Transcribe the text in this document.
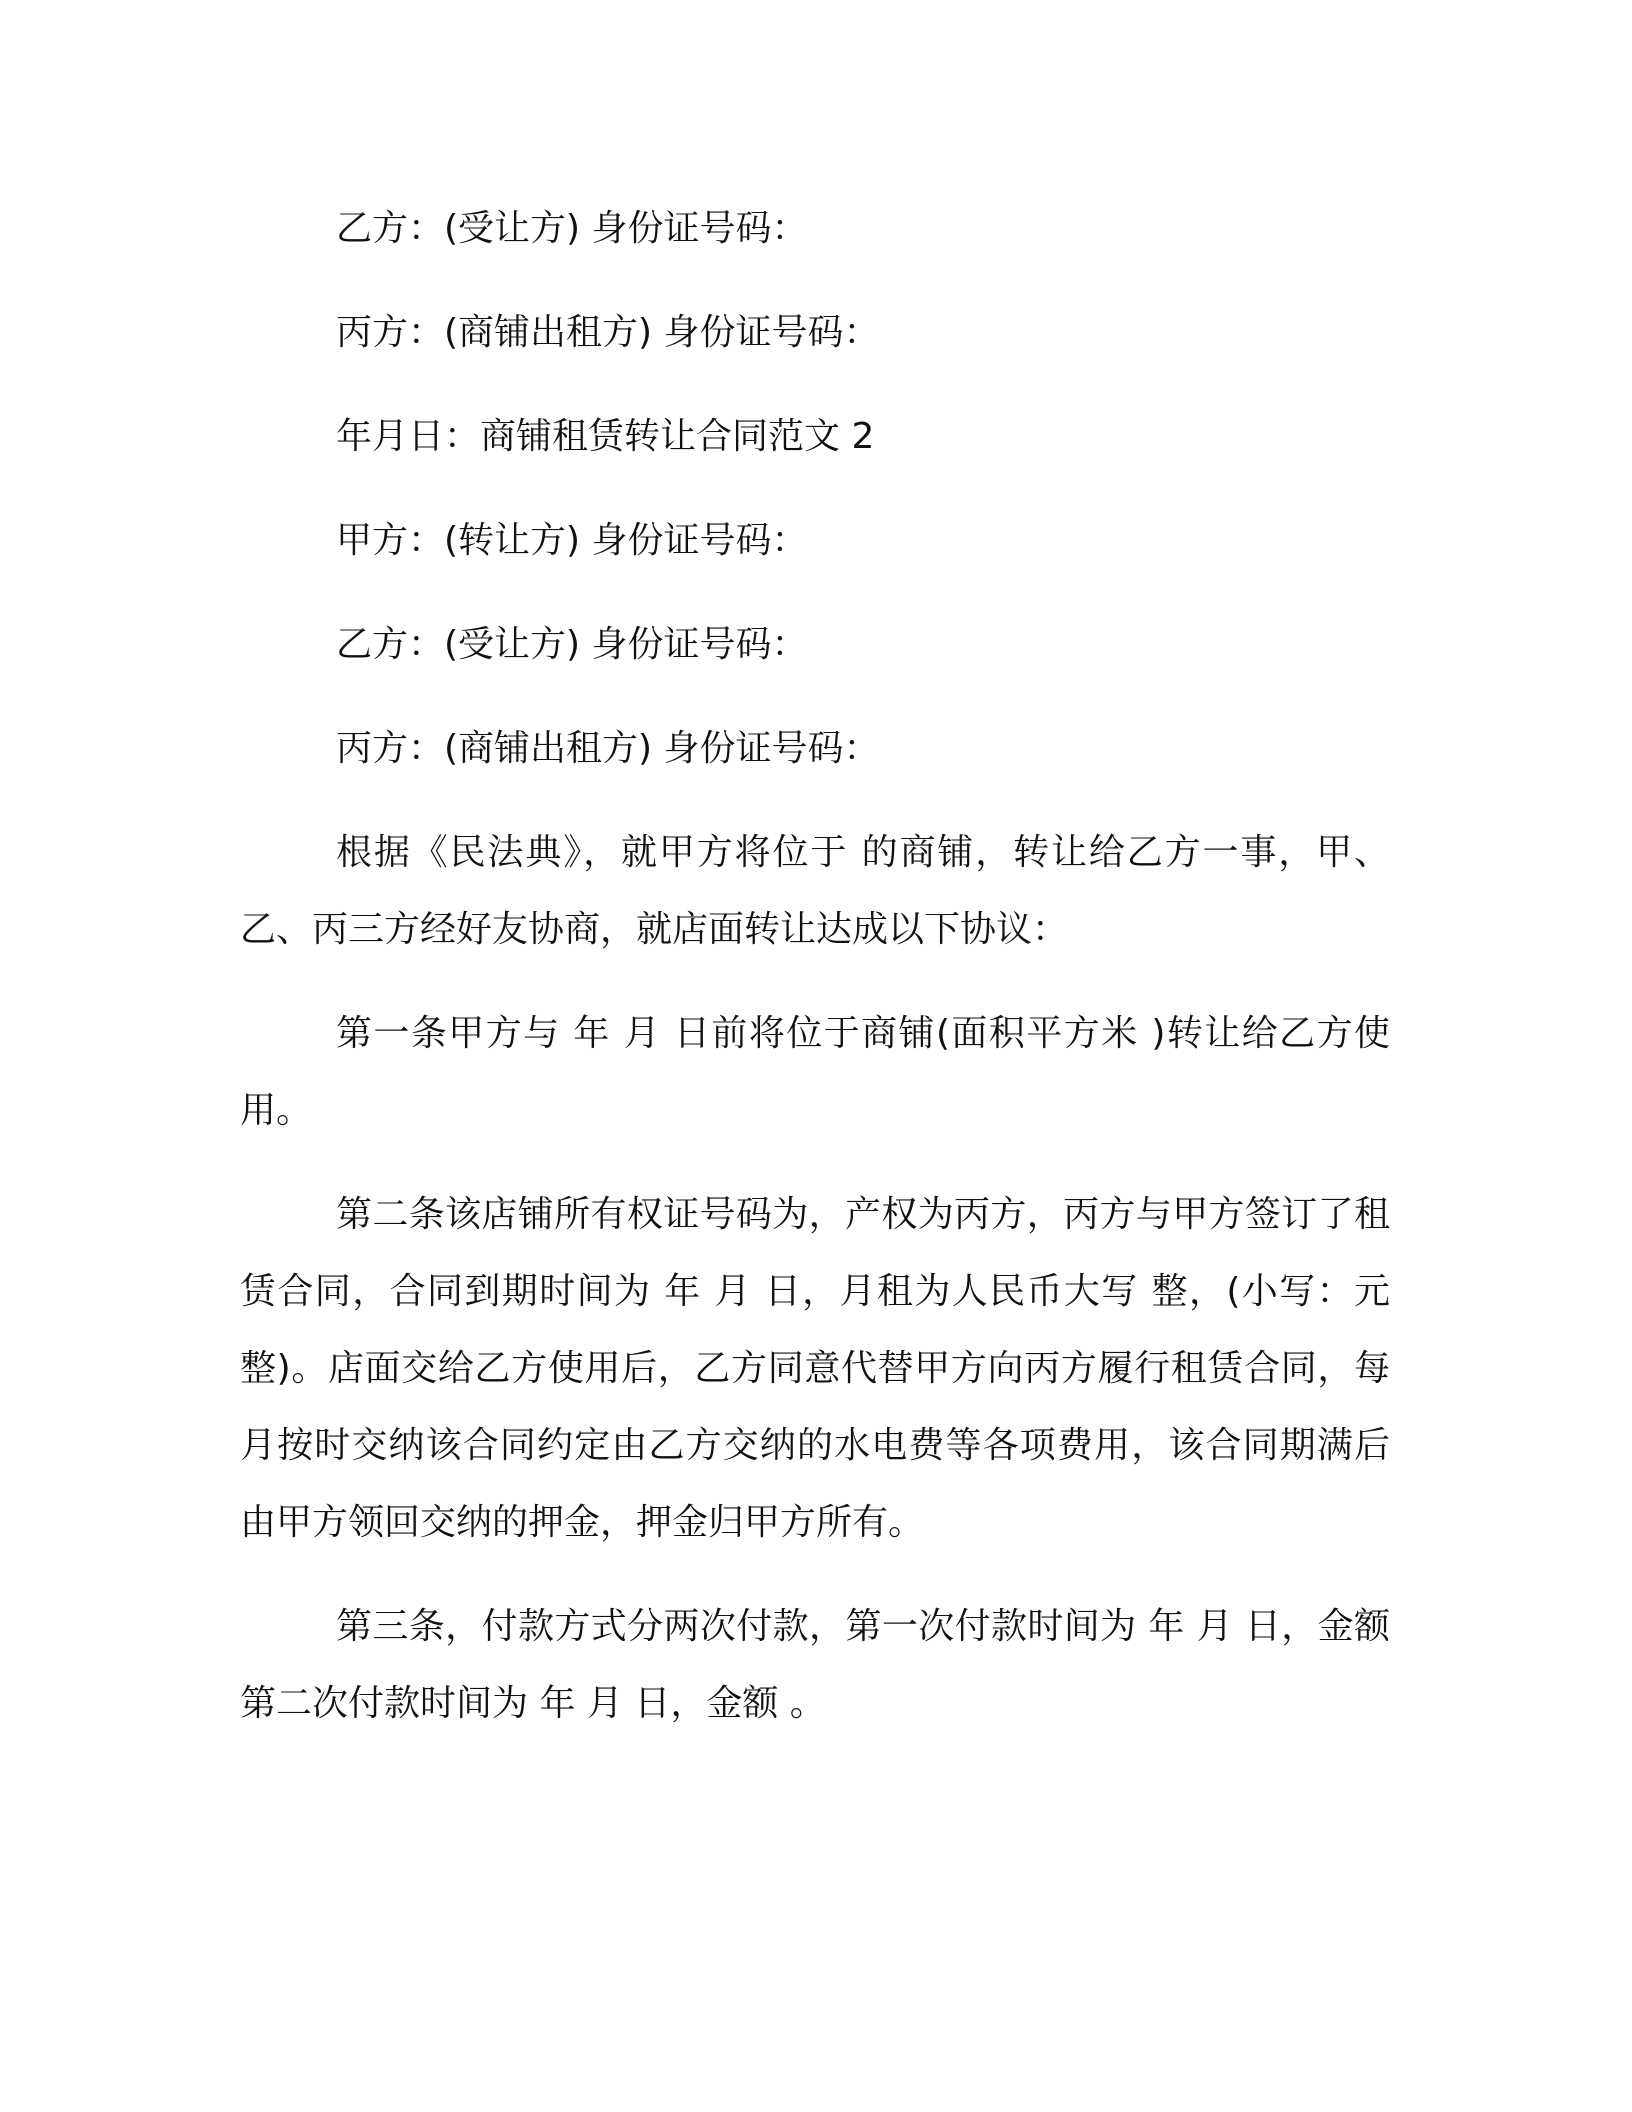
乙方：(受让方) 身份证号码：

丙方：(商铺出租方) 身份证号码：

年月日：商铺租赁转让合同范文 2

甲方：(转让方) 身份证号码：

乙方：(受让方) 身份证号码：

丙方：(商铺出租方) 身份证号码：

根据《民法典》，就甲方将位于 的商铺，转让给乙方一事，甲、乙、丙三方经好友协商，就店面转让达成以下协议：

第一条甲方与 年 月 日前将位于商铺(面积平方米 )转让给乙方使用。

第二条该店铺所有权证号码为，产权为丙方，丙方与甲方签订了租赁合同，合同到期时间为 年 月 日，月租为人民币大写 整，(小写：元整)。店面交给乙方使用后，乙方同意代替甲方向丙方履行租赁合同，每月按时交纳该合同约定由乙方交纳的水电费等各项费用，该合同期满后由甲方领回交纳的押金，押金归甲方所有。

第三条，付款方式分两次付款，第一次付款时间为 年 月 日，金额 第二次付款时间为 年 月 日，金额 。
